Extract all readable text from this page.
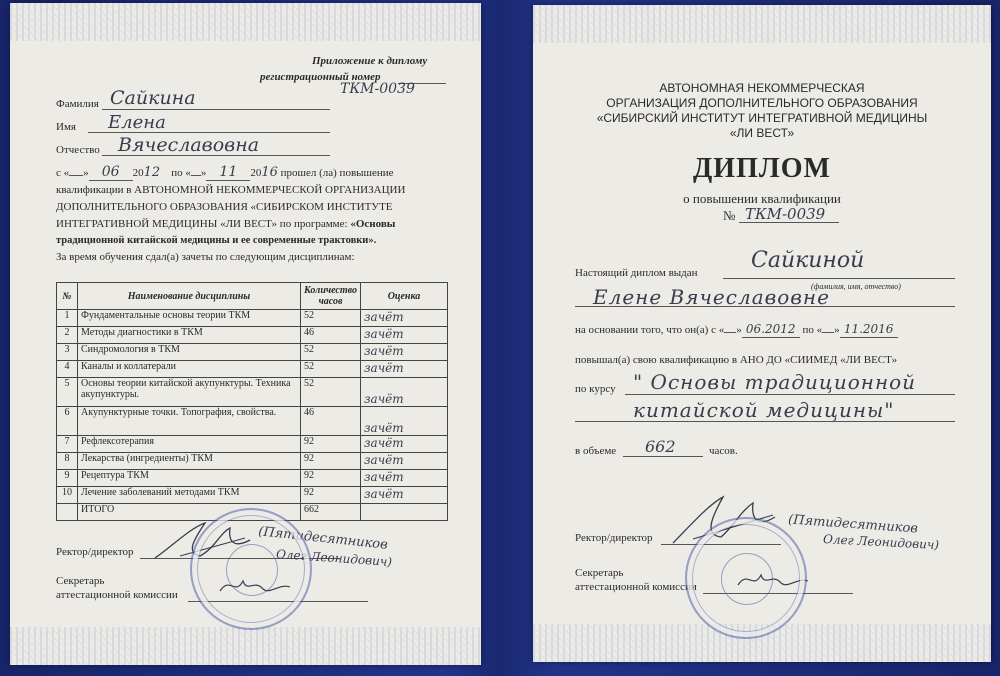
Приложение к диплому
регистрационный номер
ТКМ-0039
Фамилия Сайкина
Имя Елена
Отчество Вячеславовна
с « » 06 2012 по « » 11 2016 прошел (ла) повышение
квалификации в АВТОНОМНОЙ НЕКОММЕРЧЕСКОЙ ОРГАНИЗАЦИИ
ДОПОЛНИТЕЛЬНОГО ОБРАЗОВАНИЯ «СИБИРСКОМ ИНСТИТУТЕ
ИНТЕГРАТИВНОЙ МЕДИЦИНЫ «ЛИ ВЕСТ» по программе: «Основы
традиционной китайской медицины и ее современные трактовки».
За время обучения сдал(а) зачеты по следующим дисциплинам:
№	Наименование дисциплины	Количество часов	Оценка
1	Фундаментальные основы теории ТКМ	52	зачёт
2	Методы диагностики в ТКМ	46	зачёт
3	Синдромология в ТКМ	52	зачёт
4	Каналы и коллатерали	52	зачёт
5	Основы теории китайской акупунктуры. Техника акупунктуры.	52	зачёт
6	Акупунктурные точки. Топография, свойства.	46	зачёт
7	Рефлексотерапия	92	зачёт
8	Лекарства (ингредиенты) ТКМ	92	зачёт
9	Рецептура ТКМ	92	зачёт
10	Лечение заболеваний методами ТКМ	92	зачёт
	ИТОГО	662	
Ректор/директор	(Пятидесятников
Олег Леонидович)
Секретарь
аттестационной комиссии
АВТОНОМНАЯ НЕКОММЕРЧЕСКАЯ
ОРГАНИЗАЦИЯ ДОПОЛНИТЕЛЬНОГО ОБРАЗОВАНИЯ
«СИБИРСКИЙ ИНСТИТУТ ИНТЕГРАТИВНОЙ МЕДИЦИНЫ
«ЛИ ВЕСТ»
ДИПЛОМ
о повышении квалификации
№ ТКМ-0039
Настоящий диплом выдан Сайкиной
(фамилия, имя, отчество)
Елене Вячеславовне
на основании того, что он(а) с « » 06.2012 по « » 11.2016
повышал(а) свою квалификацию в АНО ДО «СИИМЕД «ЛИ ВЕСТ»
по курсу " Основы традиционной
китайской медицины"
в объеме 662	часов.
Ректор/директор
(Пятидесятников
Олег Леонидович)
Секретарь
аттестационной комиссии
